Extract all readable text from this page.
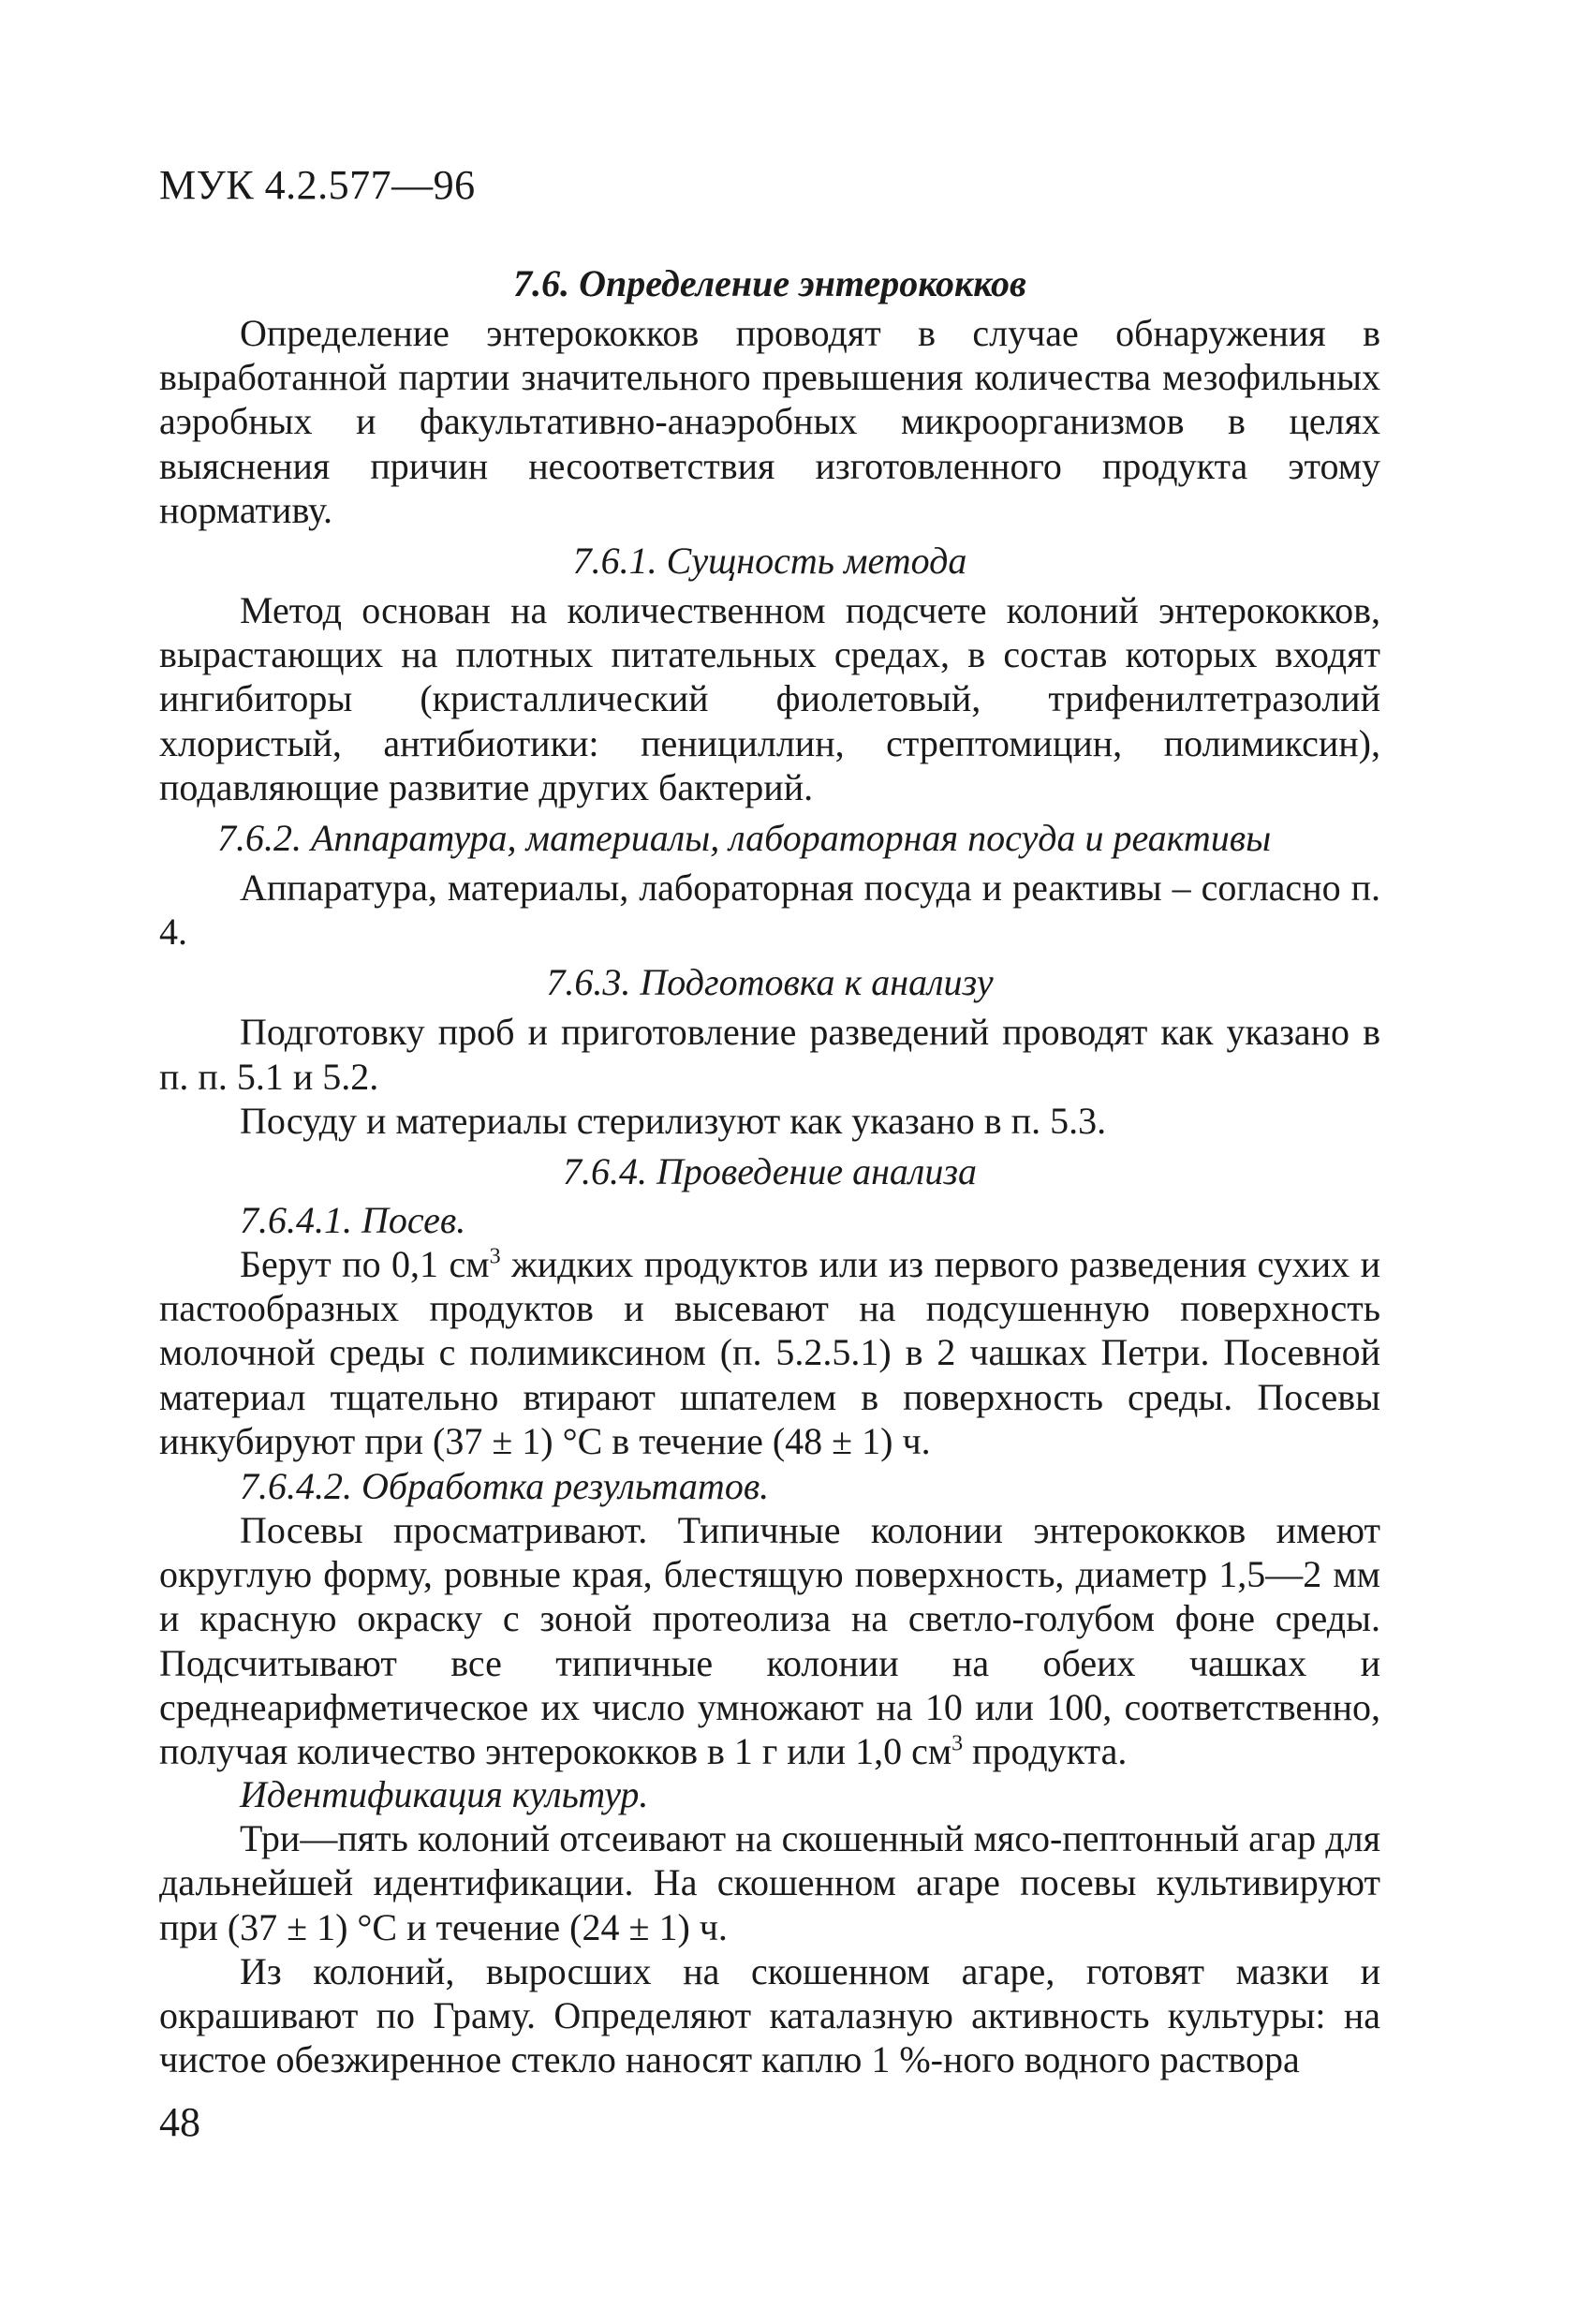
МУК 4.2.577—96
7.6. Определение энтерококков

Определение энтерококков проводят в случае обнаружения в выработанной партии значительного превышения количества мезофильных аэробных и факультативно-анаэробных микроорганизмов в целях выяснения причин несоответствия изготовленного продукта этому нормативу.

7.6.1. Сущность метода

Метод основан на количественном подсчете колоний энтерококков, вырастающих на плотных питательных средах, в состав которых входят ингибиторы (кристаллический фиолетовый, трифенилтетразолий хлористый, антибиотики: пенициллин, стрептомицин, полимиксин), подавляющие развитие других бактерий.

7.6.2. Аппаратура, материалы, лабораторная посуда и реактивы

Аппаратура, материалы, лабораторная посуда и реактивы – согласно п. 4.

7.6.3. Подготовка к анализу

Подготовку проб и приготовление разведений проводят как указано в п. п. 5.1 и 5.2.

Посуду и материалы стерилизуют как указано в п. 5.3.

7.6.4. Проведение анализа
7.6.4.1. Посев.

Берут по 0,1 $см^3$ жидких продуктов или из первого разведения сухих и пастообразных продуктов и высевают на подсушенную поверхность молочной среды с полимиксином (п. 5.2.5.1) в 2 чашках Петри. Посевной материал тщательно втирают шпателем в поверхность среды. Посевы инкубируют при (37 ± 1) °С в течение (48 ± 1) ч.

7.6.4.2. Обработка результатов.

Посевы просматривают. Типичные колонии энтерококков имеют округлую форму, ровные края, блестящую поверхность, диаметр 1,5—2 мм и красную окраску с зоной протеолиза на светло-голубом фоне среды. Подсчитывают все типичные колонии на обеих чашках и среднеарифметическое их число умножают на 10 или 100, соответственно, получая количество энтерококков в 1 г или 1,0 $см^3$ продукта.

Идентификация культур.

Три—пять колоний отсеивают на скошенный мясо-пептонный агар для дальнейшей идентификации. На скошенном агаре посевы культивируют при (37 ± 1) °С и течение (24 ± 1) ч.

Из колоний, выросших на скошенном агаре, готовят мазки и окрашивают по Граму. Определяют каталазную активность культуры: на чистое обезжиренное стекло наносят каплю 1 %-ного водного раствора

48
